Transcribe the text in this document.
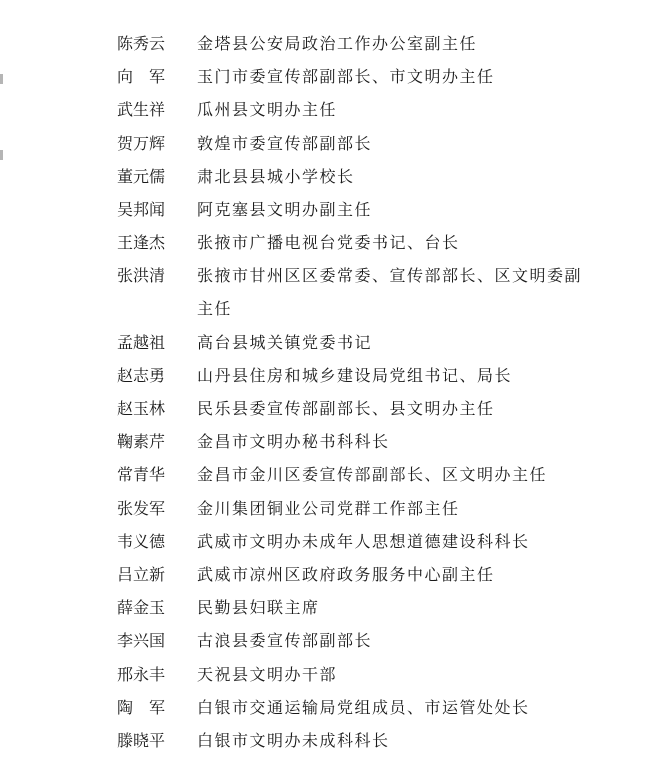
陈秀云	金塔县公安局政治工作办公室副主任
向　军	玉门市委宣传部副部长、市文明办主任
武生祥	瓜州县文明办主任
贺万辉	敦煌市委宣传部副部长
董元儒	肃北县县城小学校长
吴邦闻	阿克塞县文明办副主任
王逢杰	张掖市广播电视台党委书记、台长
张洪清	张掖市甘州区区委常委、宣传部部长、区文明委副主任
孟越祖	高台县城关镇党委书记
赵志勇	山丹县住房和城乡建设局党组书记、局长
赵玉林	民乐县委宣传部副部长、县文明办主任
鞠素芹	金昌市文明办秘书科科长
常青华	金昌市金川区委宣传部副部长、区文明办主任
张发军	金川集团铜业公司党群工作部主任
韦义德	武威市文明办未成年人思想道德建设科科长
吕立新	武威市凉州区政府政务服务中心副主任
薛金玉	民勤县妇联主席
李兴国	古浪县委宣传部副部长
邢永丰	天祝县文明办干部
陶　军	白银市交通运输局党组成员、市运管处处长
滕晓平	白银市文明办未成科科长
